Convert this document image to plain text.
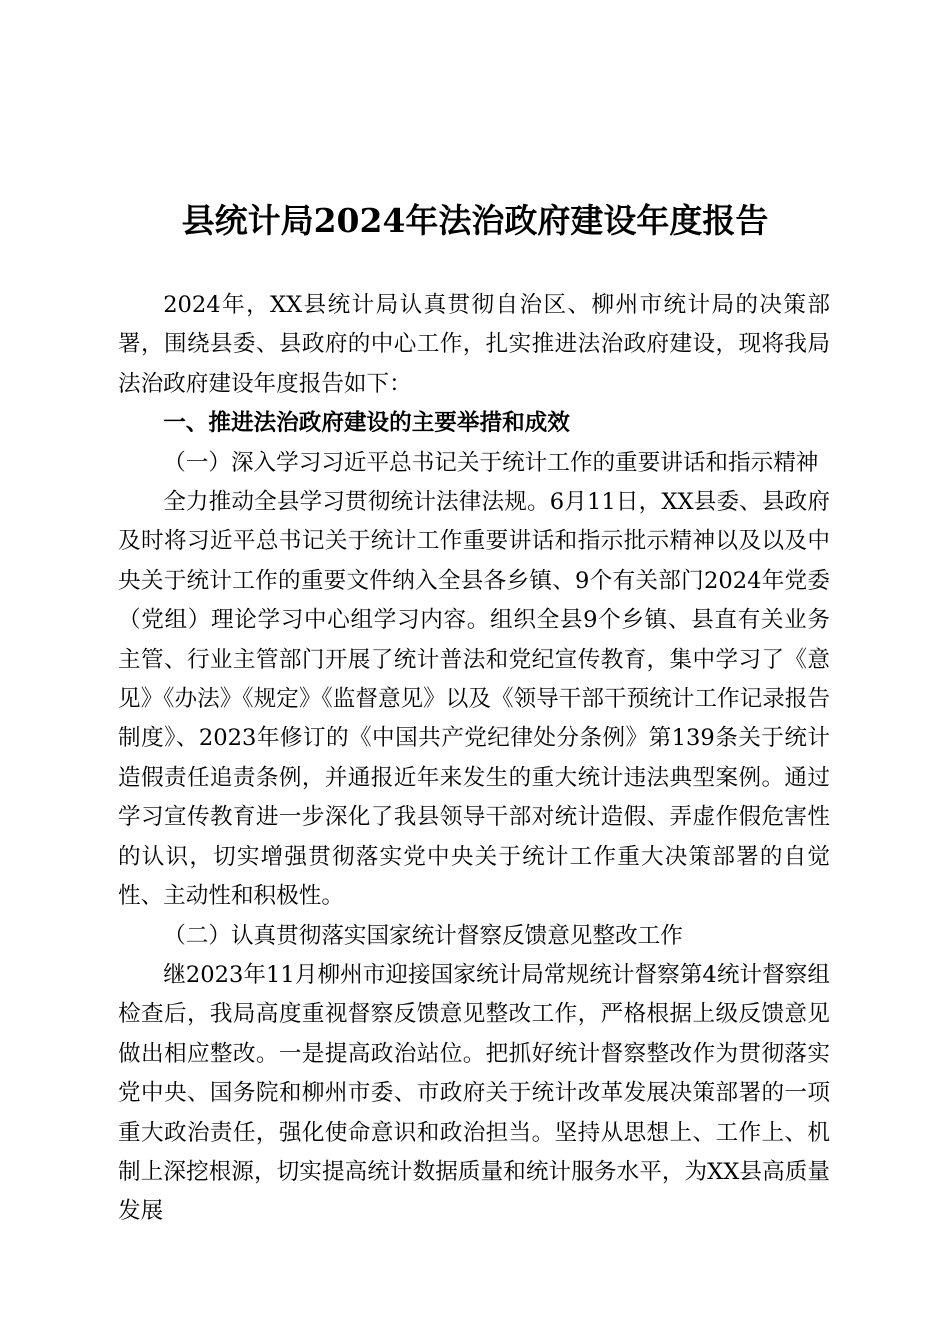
县统计局2024年法治政府建设年度报告

2024年，XX县统计局认真贯彻自治区、柳州市统计局的决策部署，围绕县委、县政府的中心工作，扎实推进法治政府建设，现将我局法治政府建设年度报告如下：

一、推进法治政府建设的主要举措和成效

（一）深入学习习近平总书记关于统计工作的重要讲话和指示精神

全力推动全县学习贯彻统计法律法规。6月11日，XX县委、县政府及时将习近平总书记关于统计工作重要讲话和指示批示精神以及以及中央关于统计工作的重要文件纳入全县各乡镇、9个有关部门2024年党委（党组）理论学习中心组学习内容。组织全县9个乡镇、县直有关业务主管、行业主管部门开展了统计普法和党纪宣传教育，集中学习了《意见》《办法》《规定》《监督意见》以及《领导干部干预统计工作记录报告制度》、2023年修订的《中国共产党纪律处分条例》第139条关于统计造假责任追责条例，并通报近年来发生的重大统计违法典型案例。通过学习宣传教育进一步深化了我县领导干部对统计造假、弄虚作假危害性的认识，切实增强贯彻落实党中央关于统计工作重大决策部署的自觉性、主动性和积极性。

（二）认真贯彻落实国家统计督察反馈意见整改工作

继2023年11月柳州市迎接国家统计局常规统计督察第4统计督察组检查后，我局高度重视督察反馈意见整改工作，严格根据上级反馈意见做出相应整改。一是提高政治站位。把抓好统计督察整改作为贯彻落实党中央、国务院和柳州市委、市政府关于统计改革发展决策部署的一项重大政治责任，强化使命意识和政治担当。坚持从思想上、工作上、机制上深挖根源，切实提高统计数据质量和统计服务水平，为XX县高质量发展
